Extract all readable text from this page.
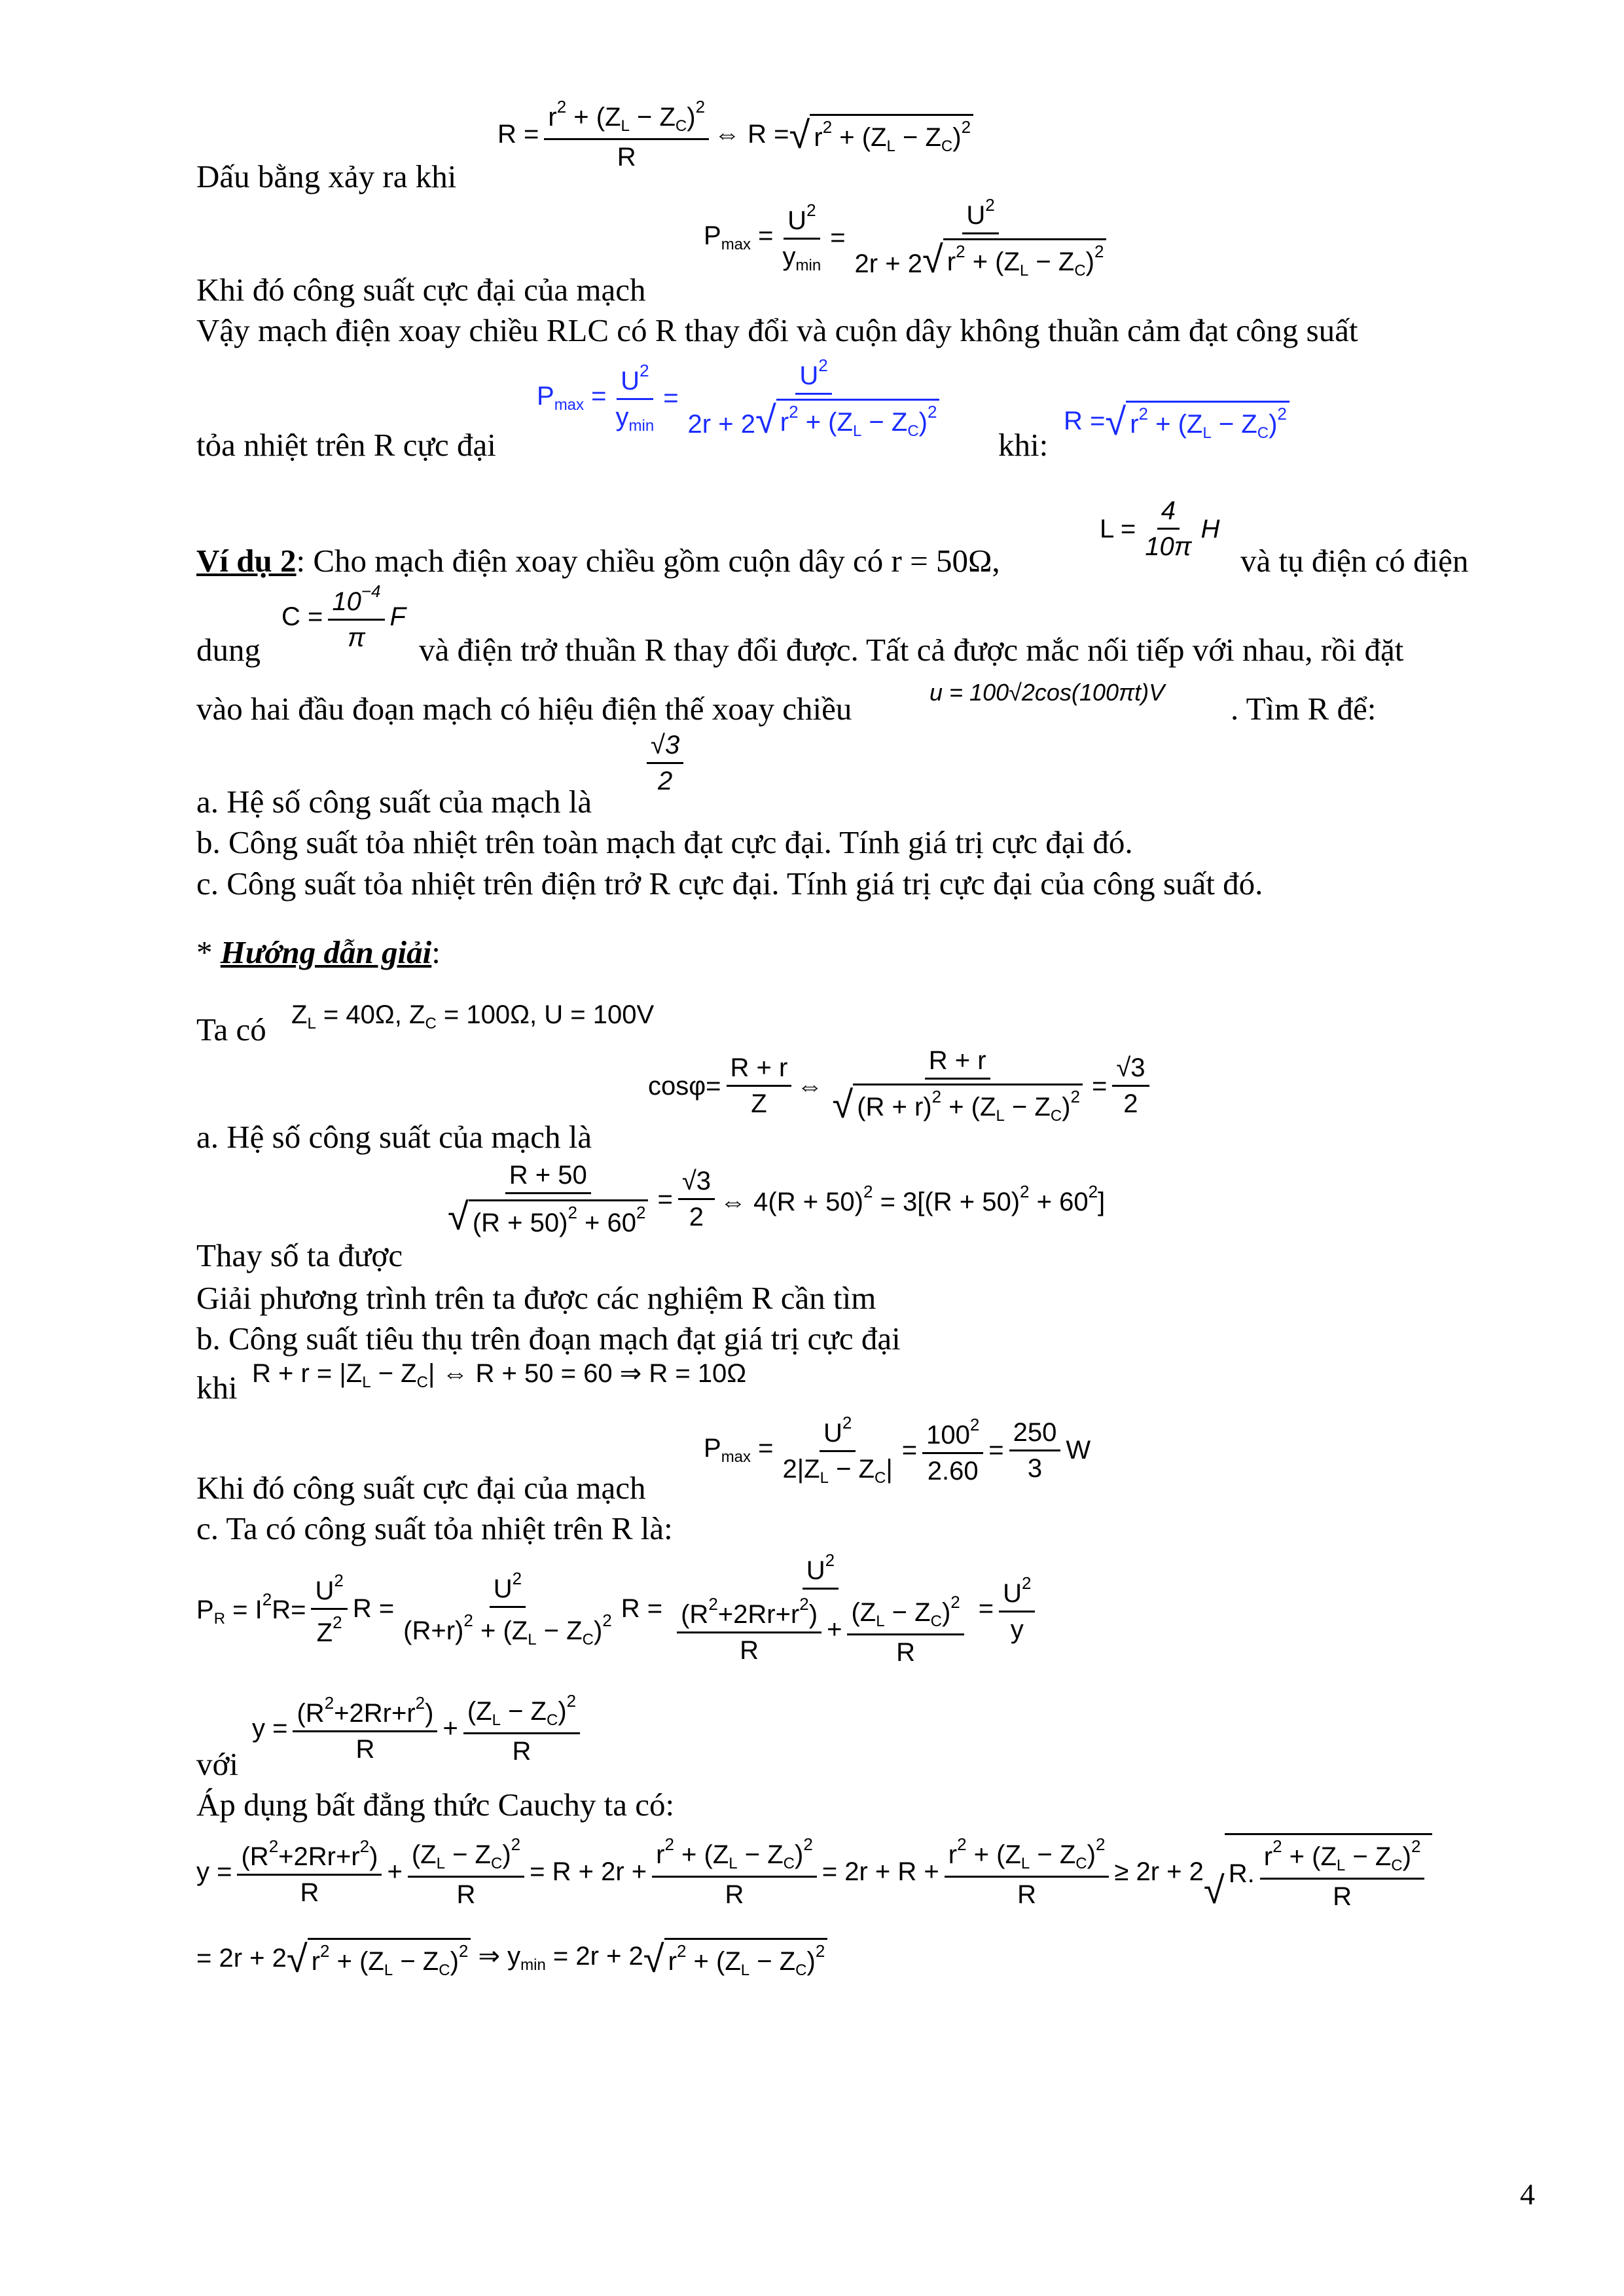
$R = \frac{r^2 + (Z_L - Z_C)^2}{R}$ ⇔ R = √ $r^2 + (Z_L - Z_C)^2$
Dấu bằng xảy ra khi
$P_{max} = \frac{U^2}{y_{min}} = \frac{U^2}{2r + 2 √ r^2 + (Z_L - Z_C)^2}$
Khi đó công suất cực đại của mạch
Vậy mạch điện xoay chiều RLC có R thay đổi và cuộn dây không thuần cảm đạt công suất
$P_{max} = \frac{U^2}{y_{min}} = \frac{U^2}{2r + 2 √ r^2 + (Z_L - Z_C)^2}$
tỏa nhiệt trên R cực đại	khi:
R = √ $r^2 + (Z_L - Z_C)^2$
Ví dụ 2: Cho mạch điện xoay chiều gồm cuộn dây có r = 50Ω,
$L = \frac{4}{10\pi}$ H
và tụ điện có điện
$C = \frac{10^{-4}}{\pi}$ F
dung	và điện trở thuần R thay đổi được. Tất cả được mắc nối tiếp với nhau, rồi đặt
vào hai đầu đoạn mạch có hiệu điện thế xoay chiều	u = 100√2cos(100πt)V . Tìm R để:
a. Hệ số công suất của mạch là
$\frac{√3}{2}$
b. Công suất tỏa nhiệt trên toàn mạch đạt cực đại. Tính giá trị cực đại đó.
c. Công suất tỏa nhiệt trên điện trở R cực đại. Tính giá trị cực đại của công suất đó.
* Hướng dẫn giải:
Ta có $Z_L = 40\Omega$, $Z_C = 100\Omega$, U = 100V
$\cos\varphi= \frac{R + r}{Z}$ ⇔ $\frac{R + r}{√ (R + r)^2 + (Z_L - Z_C)^2} = \frac{√3}{2}$
a. Hệ số công suất của mạch là
$\frac{R + 50}{√ (R + 50)^2 + 60^2} = \frac{√3}{2}$ ⇔ $4(R + 50)^2 = 3[(R + 50)^2 + 60^2]$
Thay số ta được
Giải phương trình trên ta được các nghiệm R cần tìm
b. Công suất tiêu thụ trên đoạn mạch đạt giá trị cực đại
khi $R + r = |Z_L - Z_C|$ ⇔ R + 50 = 60 ⇒ R = 10Ω
$P_{max} = \frac{U^2}{2|Z_L - Z_C|} = \frac{100^2}{2.60} = \frac{250}{3}$ W
Khi đó công suất cực đại của mạch
c. Ta có công suất tỏa nhiệt trên R là:
$P_R = I^2R= \frac{U^2}{Z^2}$ $R = \frac{U^2}{(R+r)^2 + (Z_L - Z_C)^2}$ $R = \frac{U^2}{\frac{(R^2+2Rr+r^2)}{R} + \frac{(Z_L - Z_C)^2}{R}} = \frac{U^2}{y}$
$y = \frac{(R^2+2Rr+r^2)}{R} + \frac{(Z_L - Z_C)^2}{R}$
với
Áp dụng bất đẳng thức Cauchy ta có:
$y = \frac{(R^2+2Rr+r^2)}{R} + \frac{(Z_L - Z_C)^2}{R} = R + 2r + \frac{r^2 + (Z_L - Z_C)^2}{R} = 2r + R + \frac{r^2 + (Z_L - Z_C)^2}{R} \ge 2r + 2$ √ R. $\frac{r^2 + (Z_L - Z_C)^2}{R}$
= 2r + 2 √ $r^2 + (Z_L - Z_C)^2$ ⇒ $y_{min} = 2r + 2$ √ $r^2 + (Z_L - Z_C)^2$
4
